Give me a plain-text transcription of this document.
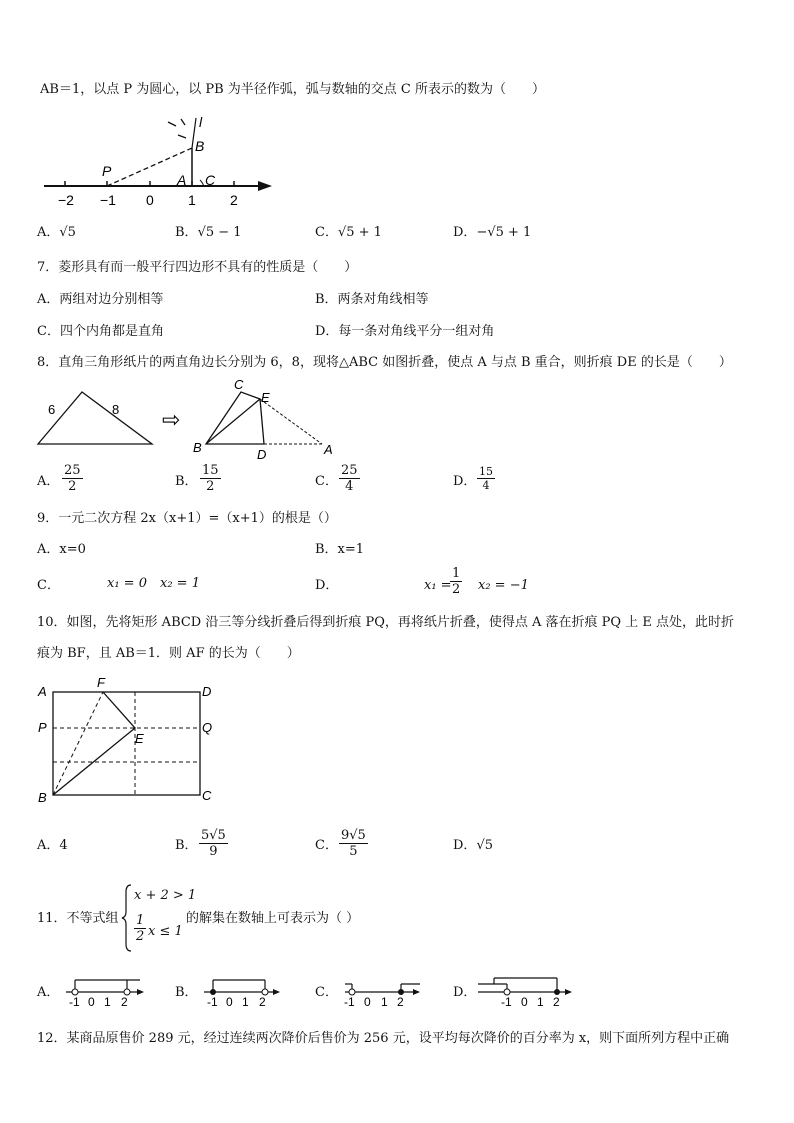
AB＝1，以点 P 为圆心，以 PB 为半径作弧，弧与数轴的交点 C 所表示的数为（　　）
−2 −1 0 1 2
P
A C
B
l
A．√5	B．√5 − 1	C．√5 + 1	D．−√5 + 1
7．菱形具有而一般平行四边形不具有的性质是（　　）
A．两组对边分别相等	B．两条对角线相等
C．四个内角都是直角	D．每一条对角线平分一组对角
8．直角三角形纸片的两直角边长分别为 6，8，现将△ABC 如图折叠，使点 A 与点 B 重合，则折痕 DE 的长是（　　）
6	8 ⇨
C
E
B	D	A
A． $\frac{25}{2}$	B． $\frac{15}{2}$	C． $\frac{25}{4}$	D． $\frac{15}{4}$
9．一元二次方程 2x（x+1）=（x+1）的根是（）
A．x=0	B．x=1
C．	x₁ = 0 x₂ = 1	D．	x₁ =
$\frac{1}{2} x_2 = -1$
10．如图，先将矩形 ABCD 沿三等分线折叠后得到折痕 PQ，再将纸片折叠，使得点 A 落在折痕 PQ 上 E 点处，此时折
痕为 BF，且 AB＝1．则 AF 的长为（　　）
A
F
D
P	Q
E
B	C
A．4	B． $\frac{5√5}{9}$	C． $\frac{9√5}{5}$	D．√5
11．不等式组
x + 2 > 1
$\frac{1}{2}$ x ≤ 1
的解集在数轴上可表示为（ ）
A．	B．	C．	D．
-1 0 1 2	-1 0 1 2	-1 0 1 2	-1 0 1 2
12．某商品原售价 289 元，经过连续两次降价后售价为 256 元，设平均每次降价的百分率为 x，则下面所列方程中正确
